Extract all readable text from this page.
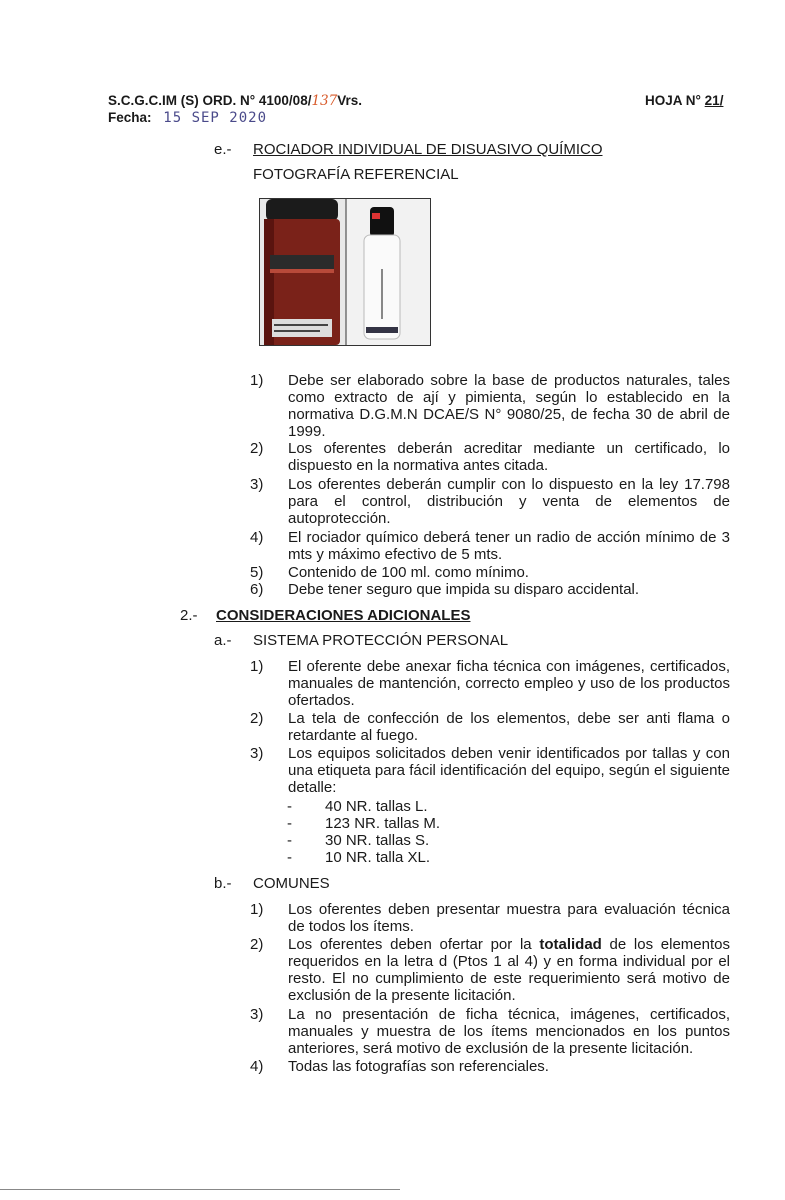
S.C.G.C.IM (S) ORD. N° 4100/08/137Vrs.	HOJA N° 21/
Fecha: 15 SEP 2020
e.- ROCIADOR INDIVIDUAL DE DISUASIVO QUÍMICO
FOTOGRAFÍA REFERENCIAL
1)	Debe ser elaborado sobre la base de productos naturales, tales como extracto de ají y pimienta, según lo establecido en la normativa D.G.M.N DCAE/S N° 9080/25, de fecha 30 de abril de 1999.
2)	Los oferentes deberán acreditar mediante un certificado, lo dispuesto en la normativa antes citada.
3)	Los oferentes deberán cumplir con lo dispuesto en la ley 17.798 para el control, distribución y venta de elementos de autoprotección.
4)	El rociador químico deberá tener un radio de acción mínimo de 3 mts y máximo efectivo de 5 mts.
5)	Contenido de 100 ml. como mínimo.
6)	Debe tener seguro que impida su disparo accidental.
2.- CONSIDERACIONES ADICIONALES
a.- SISTEMA PROTECCIÓN PERSONAL
1)	El oferente debe anexar ficha técnica con imágenes, certificados, manuales de mantención, correcto empleo y uso de los productos ofertados.
2)	La tela de confección de los elementos, debe ser anti flama o retardante al fuego.
3)	Los equipos solicitados deben venir identificados por tallas y con una etiqueta para fácil identificación del equipo, según el siguiente detalle:
- 40 NR. tallas L.
- 123 NR. tallas M.
- 30 NR. tallas S.
- 10 NR. talla XL.
b.- COMUNES
1)	Los oferentes deben presentar muestra para evaluación técnica de todos los ítems.
2)	Los oferentes deben ofertar por la totalidad de los elementos requeridos en la letra d (Ptos 1 al 4) y en forma individual por el resto. El no cumplimiento de este requerimiento será motivo de exclusión de la presente licitación.
3)	La no presentación de ficha técnica, imágenes, certificados, manuales y muestra de los ítems mencionados en los puntos anteriores, será motivo de exclusión de la presente licitación.
4)	Todas las fotografías son referenciales.
